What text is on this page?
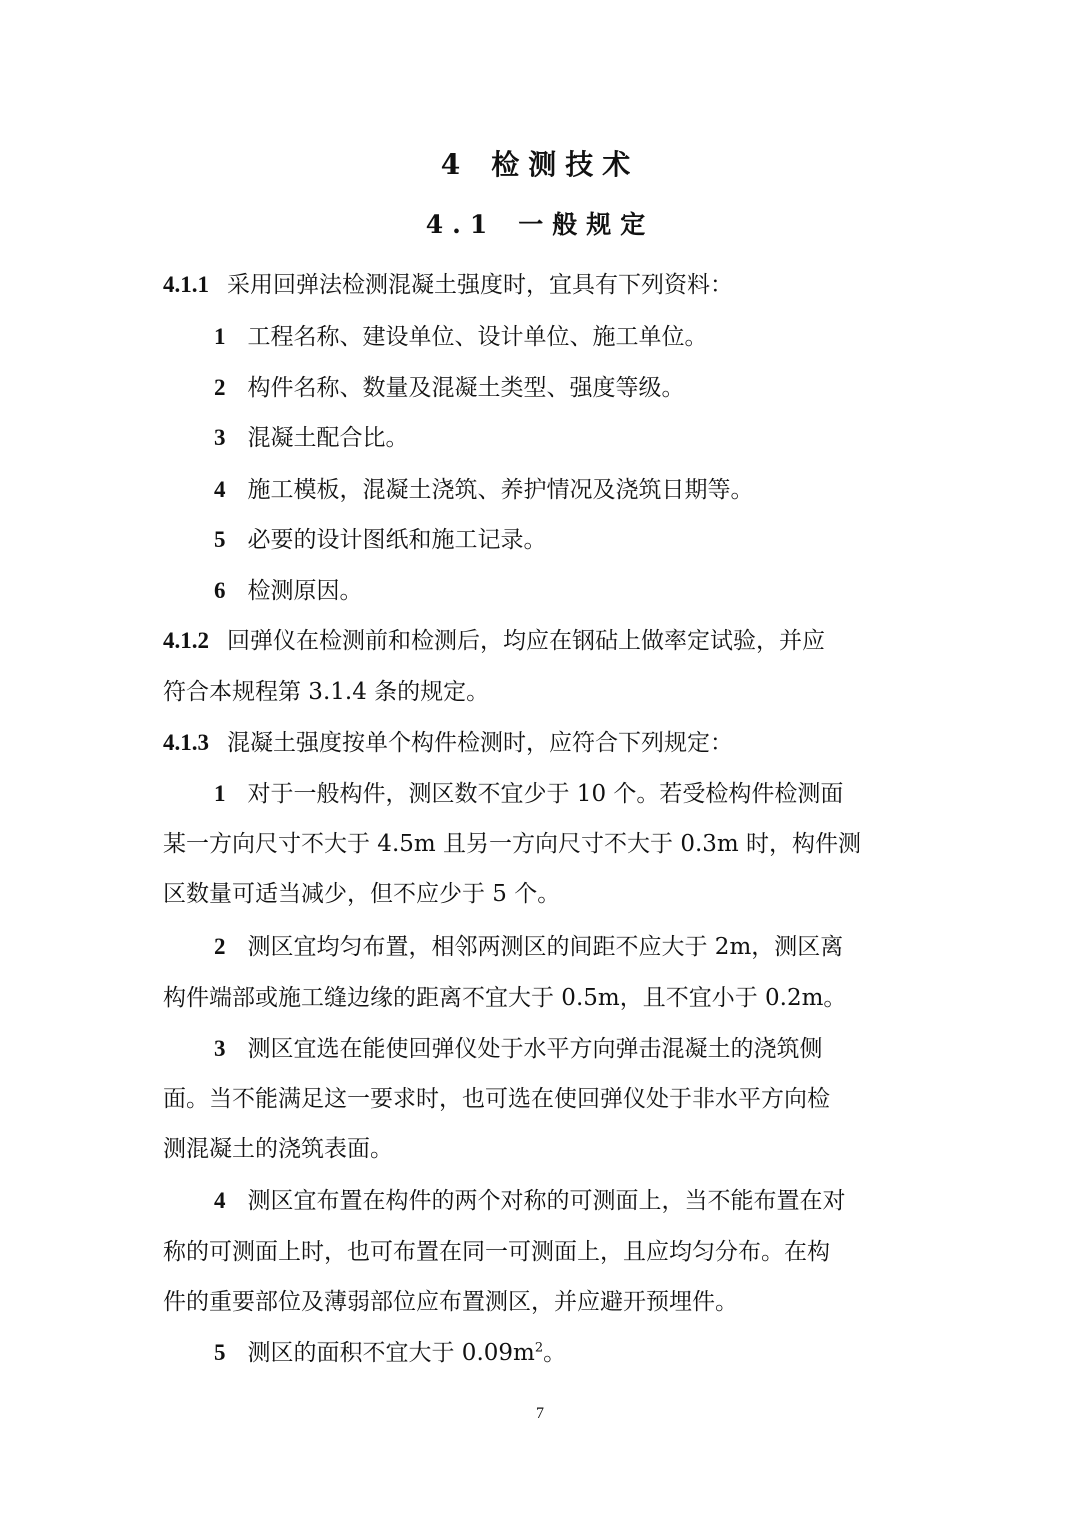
4 检测技术
4.1 一般规定
4.1.1 采用回弹法检测混凝土强度时，宜具有下列资料：
1 工程名称、建设单位、设计单位、施工单位。
2 构件名称、数量及混凝土类型、强度等级。
3 混凝土配合比。
4 施工模板，混凝土浇筑、养护情况及浇筑日期等。
5 必要的设计图纸和施工记录。
6 检测原因。
4.1.2 回弹仪在检测前和检测后，均应在钢砧上做率定试验，并应
符合本规程第 3.1.4 条的规定。
4.1.3 混凝土强度按单个构件检测时，应符合下列规定：
1 对于一般构件，测区数不宜少于 10 个。若受检构件检测面
某一方向尺寸不大于 4.5m 且另一方向尺寸不大于 0.3m 时，构件测
区数量可适当减少，但不应少于 5 个。
2 测区宜均匀布置，相邻两测区的间距不应大于 2m，测区离
构件端部或施工缝边缘的距离不宜大于 0.5m，且不宜小于 0.2m。
3 测区宜选在能使回弹仪处于水平方向弹击混凝土的浇筑侧
面。当不能满足这一要求时，也可选在使回弹仪处于非水平方向检
测混凝土的浇筑表面。
4 测区宜布置在构件的两个对称的可测面上，当不能布置在对
称的可测面上时，也可布置在同一可测面上，且应均匀分布。在构
件的重要部位及薄弱部位应布置测区，并应避开预埋件。
5 测区的面积不宜大于 $0.09m^2$。
7
